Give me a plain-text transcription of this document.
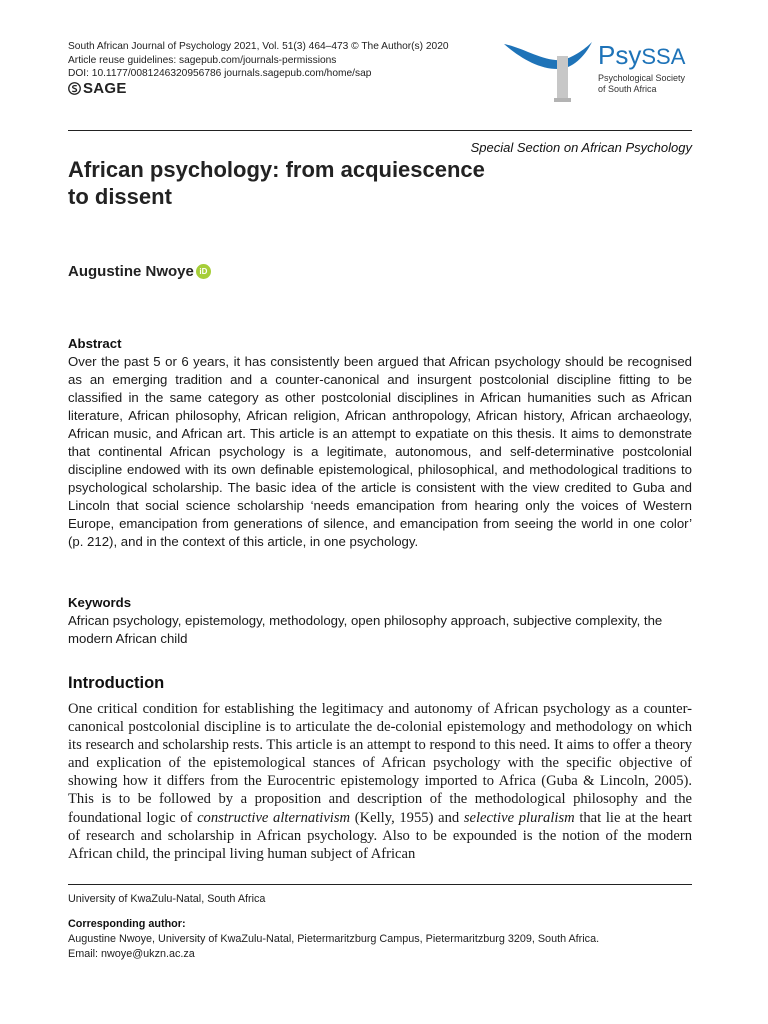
South African Journal of Psychology 2021, Vol. 51(3) 464–473 © The Author(s) 2020
Article reuse guidelines: sagepub.com/journals-permissions
DOI: 10.1177/0081246320956786 journals.sagepub.com/home/sap
SAGE
PsySSA
Psychological Society
of South Africa
Special Section on African Psychology
African psychology: from acquiescence to dissent
Augustine Nwoye iD
Abstract

Over the past 5 or 6 years, it has consistently been argued that African psychology should be recognised as an emerging tradition and a counter-canonical and insurgent postcolonial discipline fitting to be classified in the same category as other postcolonial disciplines in African humanities such as African literature, African philosophy, African religion, African anthropology, African history, African archaeology, African music, and African art. This article is an attempt to expatiate on this thesis. It aims to demonstrate that continental African psychology is a legitimate, autonomous, and self-determinative postcolonial discipline endowed with its own definable epistemological, philosophical, and methodological traditions to psychological scholarship. The basic idea of the article is consistent with the view credited to Guba and Lincoln that social science scholarship ‘needs emancipation from hearing only the voices of Western Europe, emancipation from generations of silence, and emancipation from seeing the world in one color’ (p. 212), and in the context of this article, in one psychology.

Keywords

African psychology, epistemology, methodology, open philosophy approach, subjective complexity, the modern African child

Introduction

One critical condition for establishing the legitimacy and autonomy of African psychology as a counter-canonical postcolonial discipline is to articulate the de-colonial epistemology and methodology on which its research and scholarship rests. This article is an attempt to respond to this need. It aims to offer a theory and explication of the epistemological stances of African psychology with the specific objective of showing how it differs from the Eurocentric epistemology imported to Africa (Guba & Lincoln, 2005). This is to be followed by a proposition and description of the methodological philosophy and the foundational logic of constructive alternativism (Kelly, 1955) and selective pluralism that lie at the heart of research and scholarship in African psychology. Also to be expounded is the notion of the modern African child, the principal living human subject of African

University of KwaZulu-Natal, South Africa
Corresponding author:
Augustine Nwoye, University of KwaZulu-Natal, Pietermaritzburg Campus, Pietermaritzburg 3209, South Africa.
Email: nwoye@ukzn.ac.za
